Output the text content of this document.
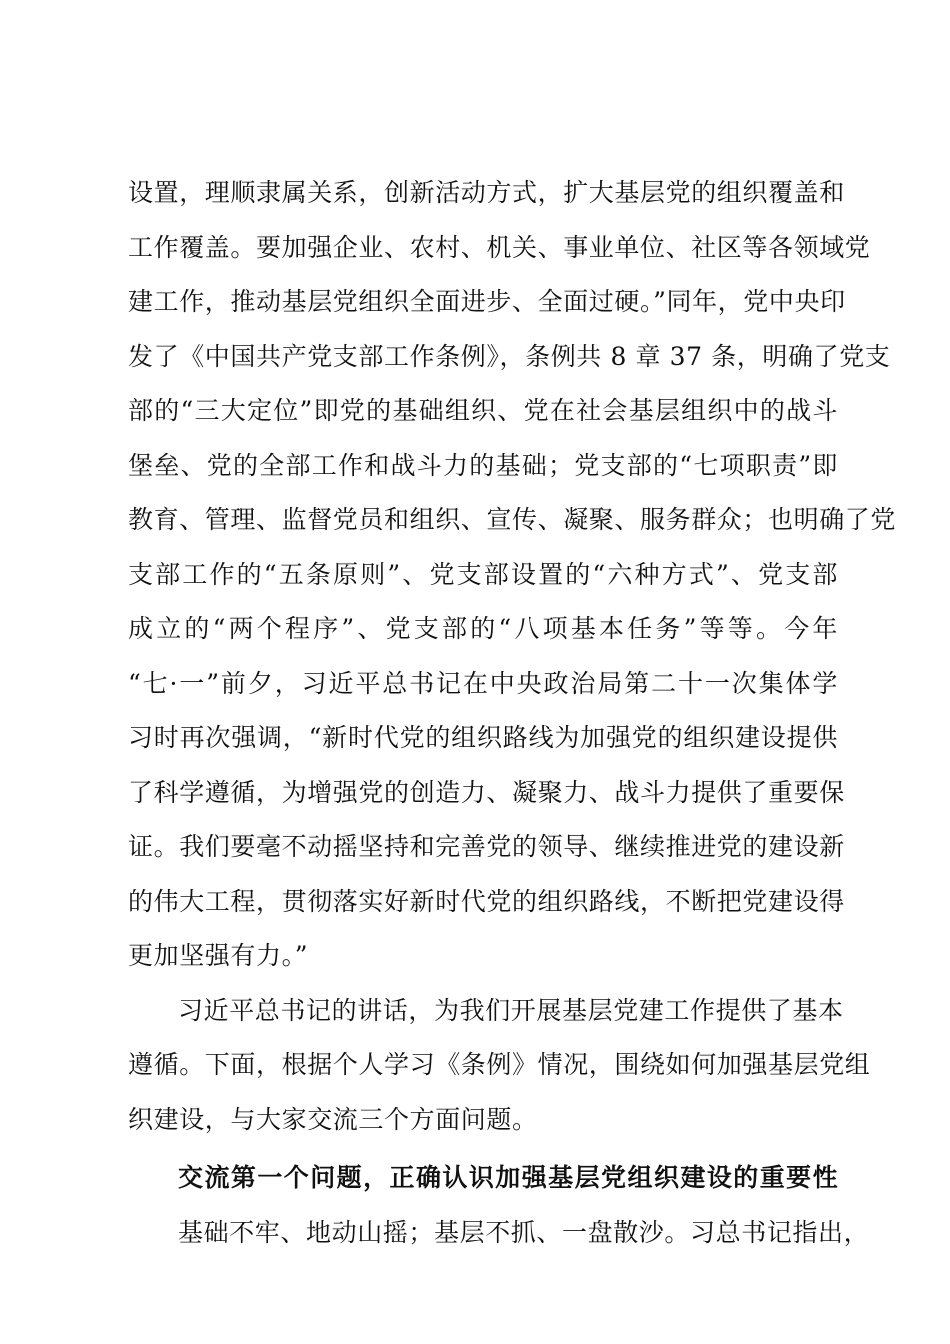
设置，理顺隶属关系，创新活动方式，扩大基层党的组织覆盖和
工作覆盖。要加强企业、农村、机关、事业单位、社区等各领域党
建工作，推动基层党组织全面进步、全面过硬。”同年，党中央印
发了《中国共产党支部工作条例》，条例共 8 章 37 条，明确了党支
部的“三大定位”即党的基础组织、党在社会基层组织中的战斗
堡垒、党的全部工作和战斗力的基础；党支部的“七项职责”即
教育、管理、监督党员和组织、宣传、凝聚、服务群众；也明确了党
支部工作的“五条原则”、党支部设置的“六种方式”、党支部
成立的“两个程序”、党支部的“八项基本任务”等等。今年
“七·一”前夕，习近平总书记在中央政治局第二十一次集体学
习时再次强调，“新时代党的组织路线为加强党的组织建设提供
了科学遵循，为增强党的创造力、凝聚力、战斗力提供了重要保
证。我们要毫不动摇坚持和完善党的领导、继续推进党的建设新
的伟大工程，贯彻落实好新时代党的组织路线，不断把党建设得
更加坚强有力。”
习近平总书记的讲话，为我们开展基层党建工作提供了基本
遵循。下面，根据个人学习《条例》情况，围绕如何加强基层党组
织建设，与大家交流三个方面问题。
交流第一个问题，正确认识加强基层党组织建设的重要性
基础不牢、地动山摇；基层不抓、一盘散沙。习总书记指出，
